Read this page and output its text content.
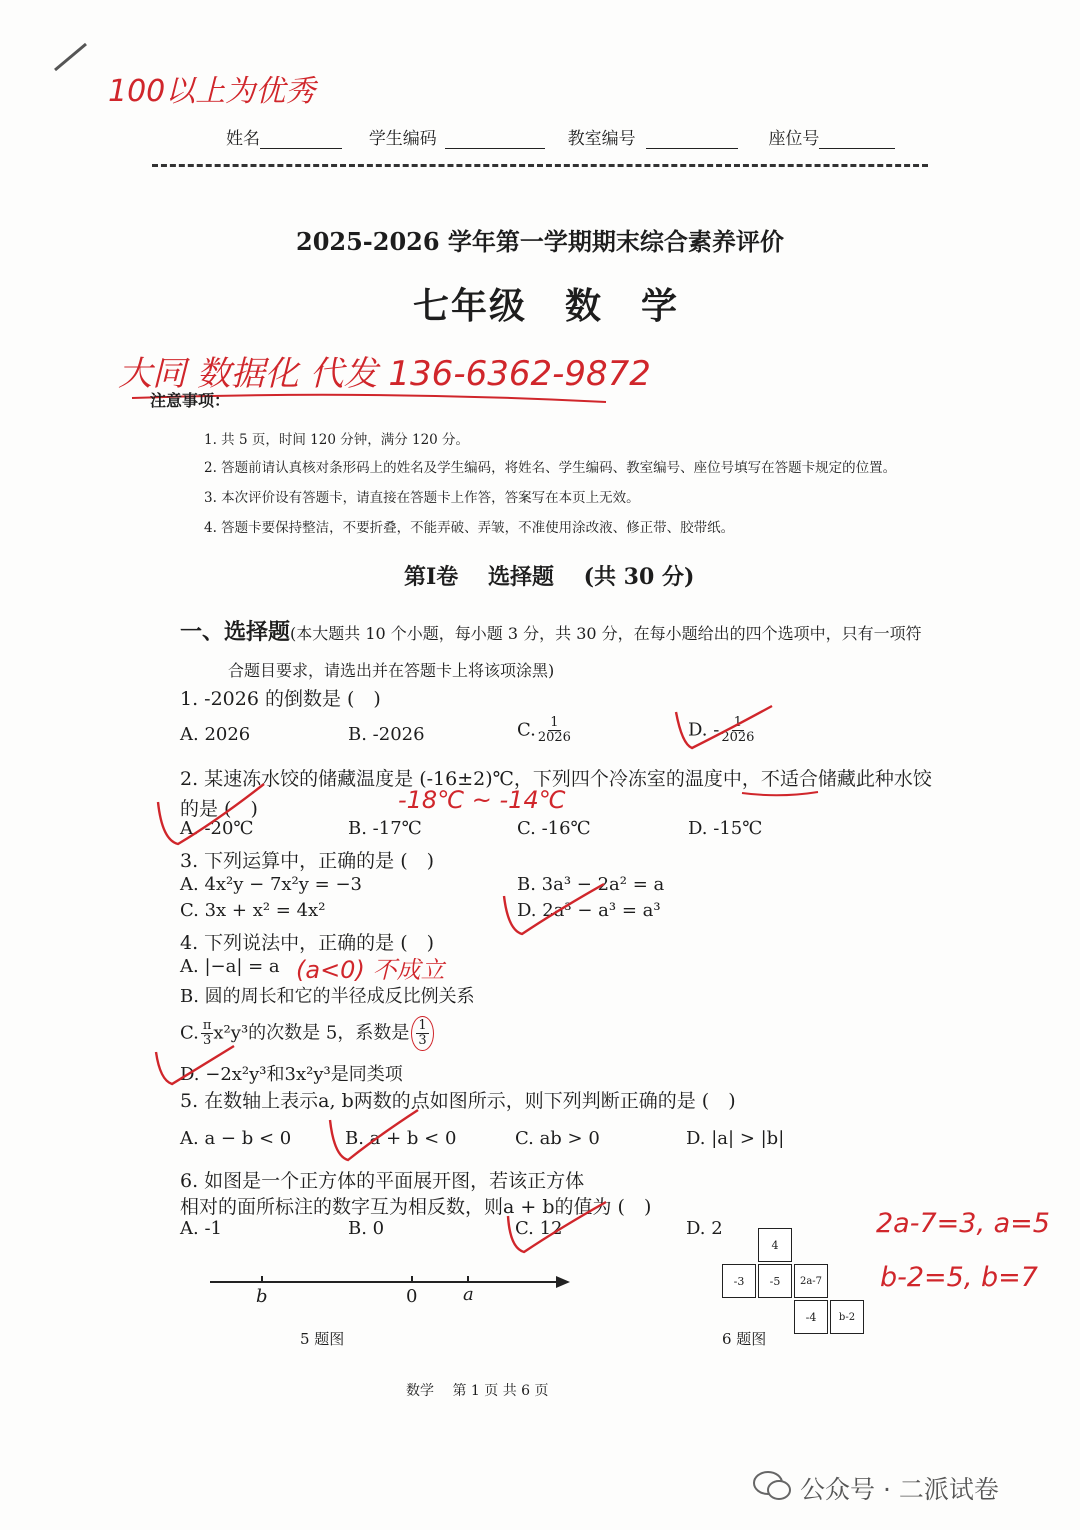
100以上为优秀
姓名	学生编码	教室编号	座位号
2025-2026 学年第一学期期末综合素养评价
七年级　数　学
大同 数据化 代发 136-6362-9872
注意事项：
1. 共 5 页，时间 120 分钟，满分 120 分。
2. 答题前请认真核对条形码上的姓名及学生编码，将姓名、学生编码、教室编号、座位号填写在答题卡规定的位置。
3. 本次评价设有答题卡，请直接在答题卡上作答，答案写在本页上无效。
4. 答题卡要保持整洁，不要折叠，不能弄破、弄皱，不准使用涂改液、修正带、胶带纸。
第Ⅰ卷　 选择题　 (共 30 分)
一、选择题(本大题共 10 个小题，每小题 3 分，共 30 分，在每小题给出的四个选项中，只有一项符
合题目要求，请选出并在答题卡上将该项涂黑)
1. -2026 的倒数是 (　)
A. 2026	B. -2026	C. $\frac{1}{2026}$	D. - $\frac{1}{2026}$
2. 某速冻水饺的储藏温度是 (-16±2)℃，下列四个冷冻室的温度中，不适合储藏此种水饺
的是 (　)	-18℃ ~ -14℃
A. -20℃	B. -17℃	C. -16℃	D. -15℃
3. 下列运算中，正确的是 (　)
A. 4x²y − 7x²y = −3	B. 3a³ − 2a² = a
C. 3x + x² = 4x²	D. 2a³ − a³ = a³
4. 下列说法中，正确的是 (　)
A. |−a| = a (a<0) 不成立
B. 圆的周长和它的半径成反比例关系
C. $\frac{\pi}{3} x^2y^3$的次数是 5，系数是 $\frac{1}{3}$
D. −2x²y³和3x²y³是同类项
5. 在数轴上表示a, b两数的点如图所示，则下列判断正确的是 (　)
A. a − b < 0	B. a + b < 0	C. ab > 0	D. |a| > |b|
6. 如图是一个正方体的平面展开图，若该正方体
相对的面所标注的数字互为相反数，则a + b的值为 (　)
A. -1	B. 0	C. 12	D. 2	2a-7=3, a=5
b-2=5, b=7
b	0	a
5 题图
4
-3	-5	2a-7
-4	b-2
6 题图
数学　 第 1 页 共 6 页
公众号 · 二派试卷
